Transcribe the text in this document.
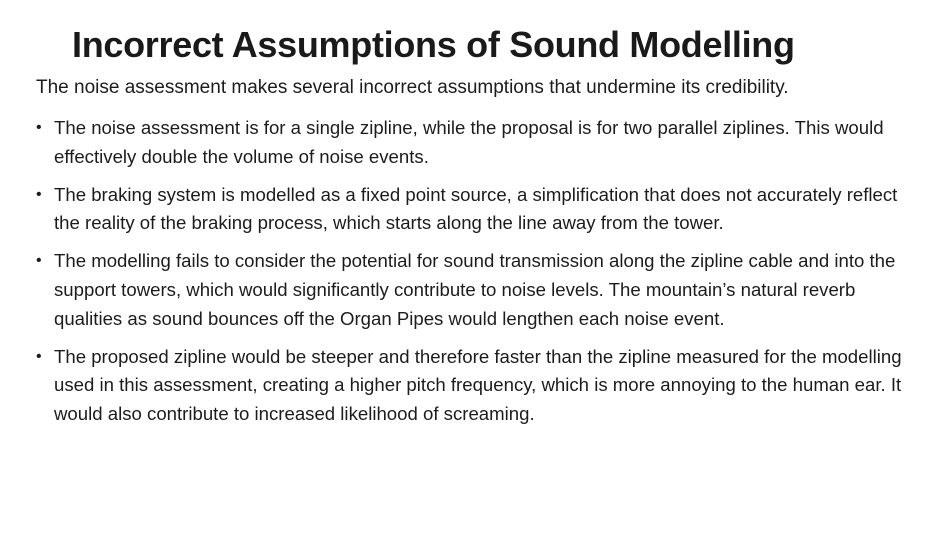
Incorrect Assumptions of Sound Modelling

The noise assessment makes several incorrect assumptions that undermine its credibility.

• The noise assessment is for a single zipline, while the proposal is for two parallel ziplines. This would effectively double the volume of noise events.
• The braking system is modelled as a fixed point source, a simplification that does not accurately reflect the reality of the braking process, which starts along the line away from the tower.
• The modelling fails to consider the potential for sound transmission along the zipline cable and into the support towers, which would significantly contribute to noise levels. The mountain’s natural reverb qualities as sound bounces off the Organ Pipes would lengthen each noise event.
• The proposed zipline would be steeper and therefore faster than the zipline measured for the modelling used in this assessment, creating a higher pitch frequency, which is more annoying to the human ear. It would also contribute to increased likelihood of screaming.
